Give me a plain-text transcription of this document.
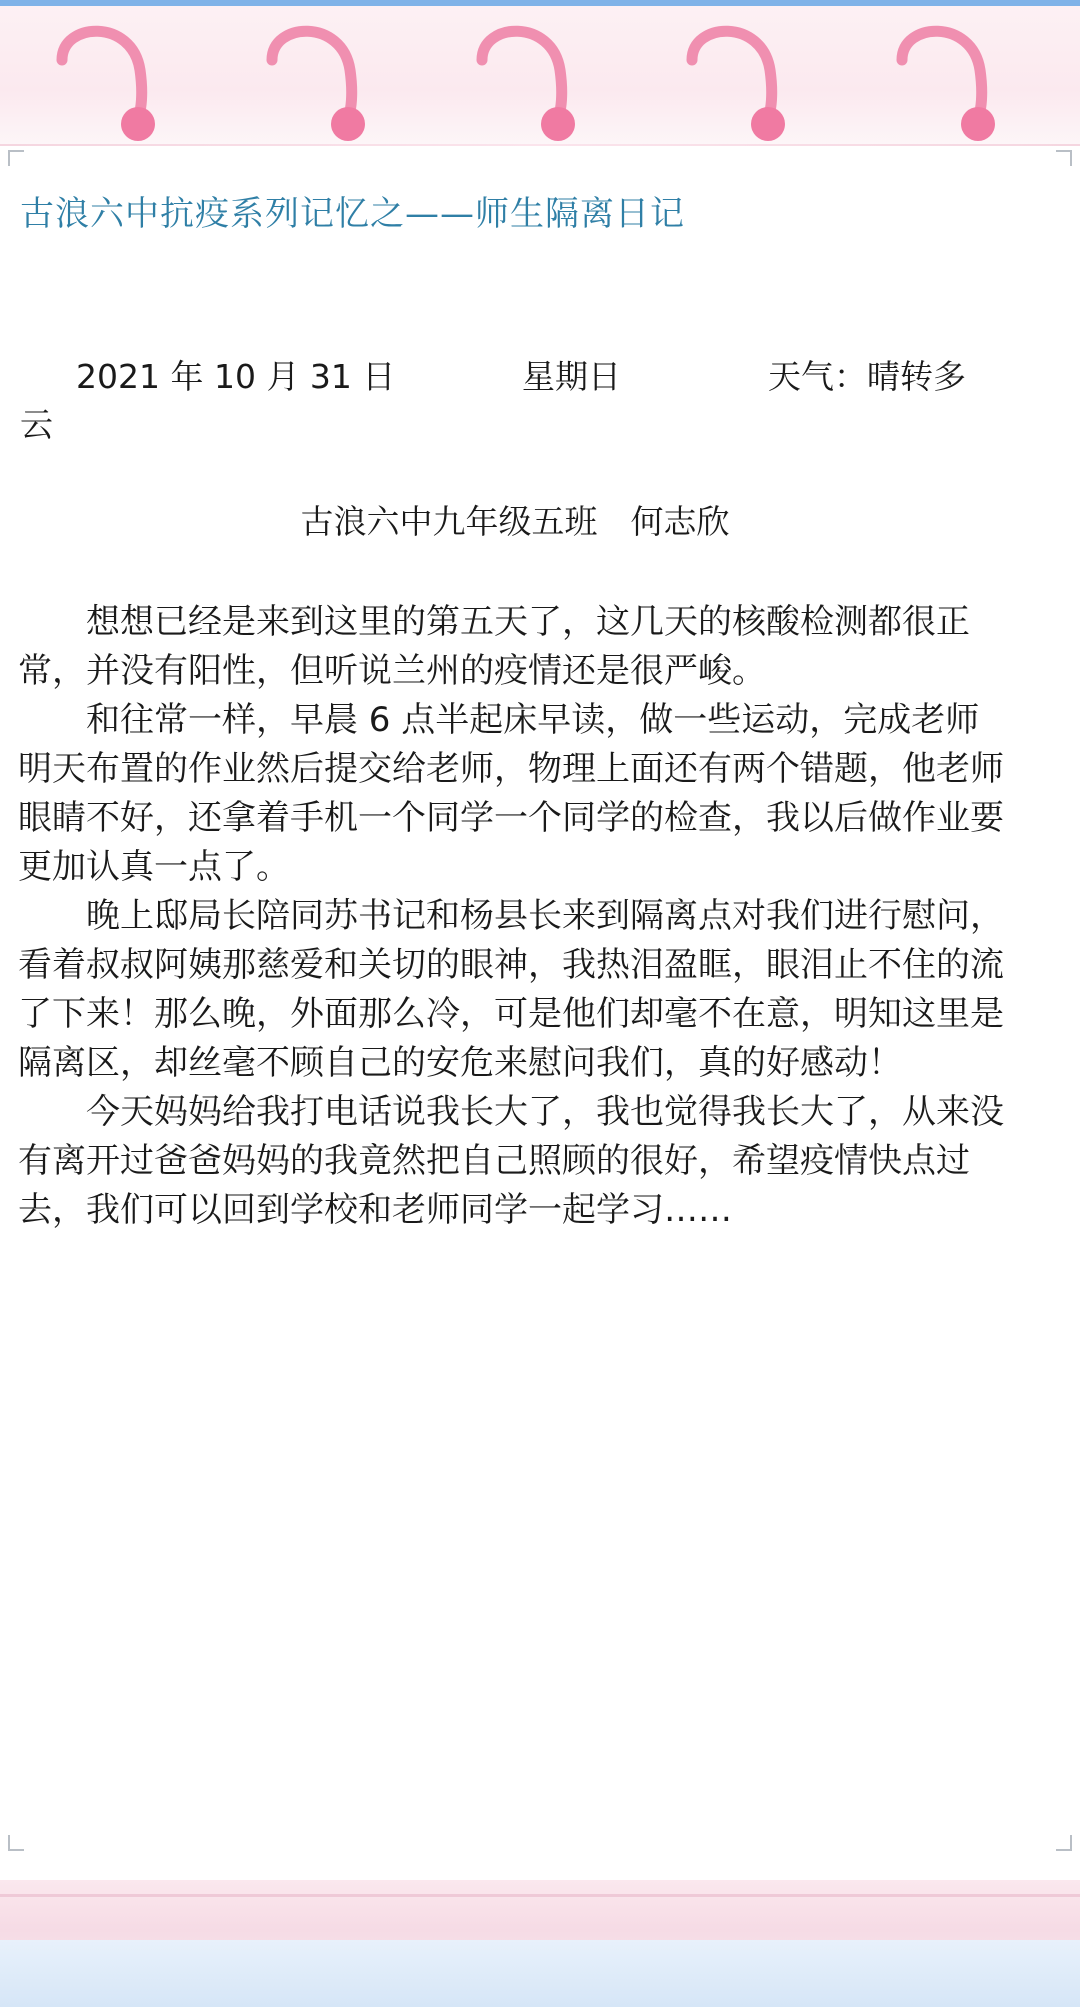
古浪六中抗疫系列记忆之——师生隔离日记
2021 年 10 月 31 日	星期日	天气：晴转多
云
古浪六中九年级五班　何志欣

想想已经是来到这里的第五天了，这几天的核酸检测都很正常，并没有阳性，但听说兰州的疫情还是很严峻。

和往常一样，早晨 6 点半起床早读，做一些运动，完成老师明天布置的作业然后提交给老师，物理上面还有两个错题，他老师眼睛不好，还拿着手机一个同学一个同学的检查，我以后做作业要更加认真一点了。

晚上邸局长陪同苏书记和杨县长来到隔离点对我们进行慰问，看着叔叔阿姨那慈爱和关切的眼神，我热泪盈眶，眼泪止不住的流了下来！那么晚，外面那么冷，可是他们却毫不在意，明知这里是隔离区，却丝毫不顾自己的安危来慰问我们，真的好感动！

今天妈妈给我打电话说我长大了，我也觉得我长大了，从来没有离开过爸爸妈妈的我竟然把自己照顾的很好，希望疫情快点过去，我们可以回到学校和老师同学一起学习……
